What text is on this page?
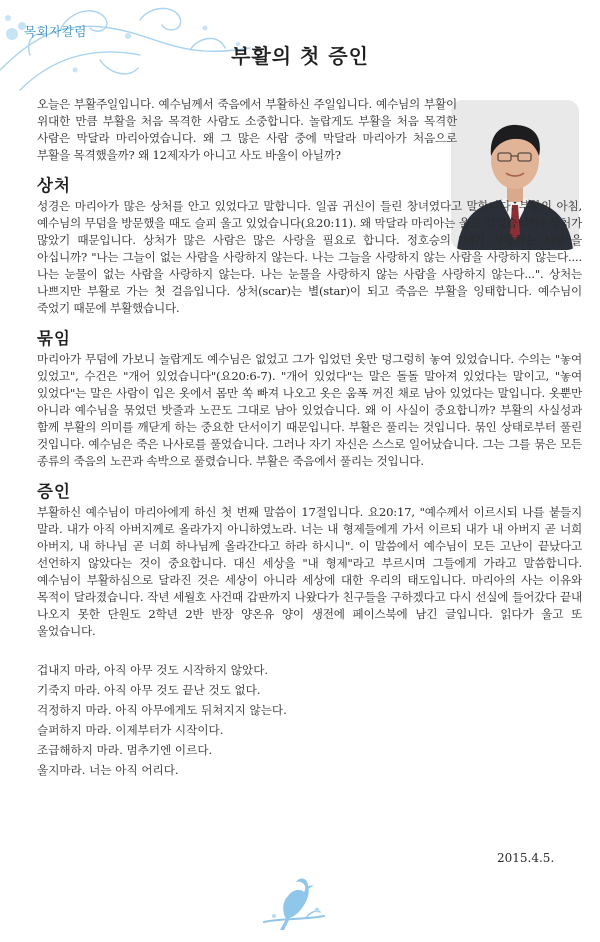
목회자칼럼
부활의 첫 증인

오늘은 부활주일입니다. 예수님께서 죽음에서 부활하신 주일입니다. 예수님의 부활이 위대한 만큼 부활을 처음 목격한 사람도 소중합니다. 놀랍게도 부활을 처음 목격한 사람은 막달라 마리아였습니다. 왜 그 많은 사람 중에 막달라 마리아가 처음으로 부활을 목격했을까? 왜 12제자가 아니고 사도 바울이 아닐까?

상처

성경은 마리아가 많은 상처를 안고 있었다고 말합니다. 일곱 귀신이 들린 창녀였다고 말합니다. 부활의 아침, 예수님의 무덤을 방문했을 때도 슬피 울고 있었습니다(요20:11). 왜 막달라 마리아는 울고 있었습니까? 상처가 많았기 때문입니다. 상처가 많은 사람은 많은 사랑을 필요로 합니다. 정호승의 "내가 사랑하는 사람"을 아십니까? "나는 그늘이 없는 사람을 사랑하지 않는다. 나는 그늘을 사랑하지 않는 사람을 사랑하지 않는다....나는 눈물이 없는 사람을 사랑하지 않는다. 나는 눈물을 사랑하지 않는 사람을 사랑하지 않는다...". 상처는 나쁘지만 부활로 가는 첫 걸음입니다. 상처(scar)는 별(star)이 되고 죽음은 부활을 잉태합니다. 예수님이 죽었기 때문에 부활했습니다.

묶임

마리아가 무덤에 가보니 놀랍게도 예수님은 없었고 그가 입었던 옷만 덩그렁히 놓여 있었습니다. 수의는 "놓여 있었고", 수건은 "개어 있었습니다"(요20:6-7). "개어 있었다"는 말은 돌돌 말아져 있었다는 말이고, "놓여 있었다"는 말은 사람이 입은 옷에서 몸만 쏙 빠져 나오고 옷은 움폭 꺼진 채로 남아 있었다는 말입니다. 옷뿐만 아니라 예수님을 묶었던 밧줄과 노끈도 그대로 남아 있었습니다. 왜 이 사실이 중요합니까? 부활의 사실성과 함께 부활의 의미를 깨닫게 하는 중요한 단서이기 때문입니다. 부활은 풀리는 것입니다. 묶인 상태로부터 풀린 것입니다. 예수님은 죽은 나사로를 풀었습니다. 그러나 자기 자신은 스스로 일어났습니다. 그는 그를 묶은 모든 종류의 죽음의 노끈과 속박으로 풀렸습니다. 부활은 죽음에서 풀리는 것입니다.

증인

부활하신 예수님이 마리아에게 하신 첫 번째 말씀이 17절입니다. 요20:17, "예수께서 이르시되 나를 붙들지 말라. 내가 아직 아버지께로 올라가지 아니하였노라. 너는 내 형제들에게 가서 이르되 내가 내 아버지 곧 너희 아버지, 내 하나님 곧 너희 하나님께 올라간다고 하라 하시니". 이 말씀에서 예수님이 모든 고난이 끝났다고 선언하지 않았다는 것이 중요합니다. 대신 세상을 "내 형제"라고 부르시며 그들에게 가라고 말씀합니다. 예수님이 부활하심으로 달라진 것은 세상이 아니라 세상에 대한 우리의 태도입니다. 마리아의 사는 이유와 목적이 달라졌습니다. 작년 세월호 사건때 갑판까지 나왔다가 친구들을 구하겠다고 다시 선실에 들어갔다 끝내 나오지 못한 단원도 2학년 2반 반장 양온유 양이 생전에 페이스북에 남긴 글입니다. 읽다가 울고 또 울었습니다.

겁내지 마라, 아직 아무 것도 시작하지 않았다.

기죽지 마라. 아직 아무 것도 끝난 것도 없다.

걱정하지 마라. 아직 아무에게도 뒤쳐지지 않는다.

슬퍼하지 마라. 이제부터가 시작이다.

조급해하지 마라. 멈추기엔 이르다.

울지마라. 너는 아직 어리다.

2015.4.5.
